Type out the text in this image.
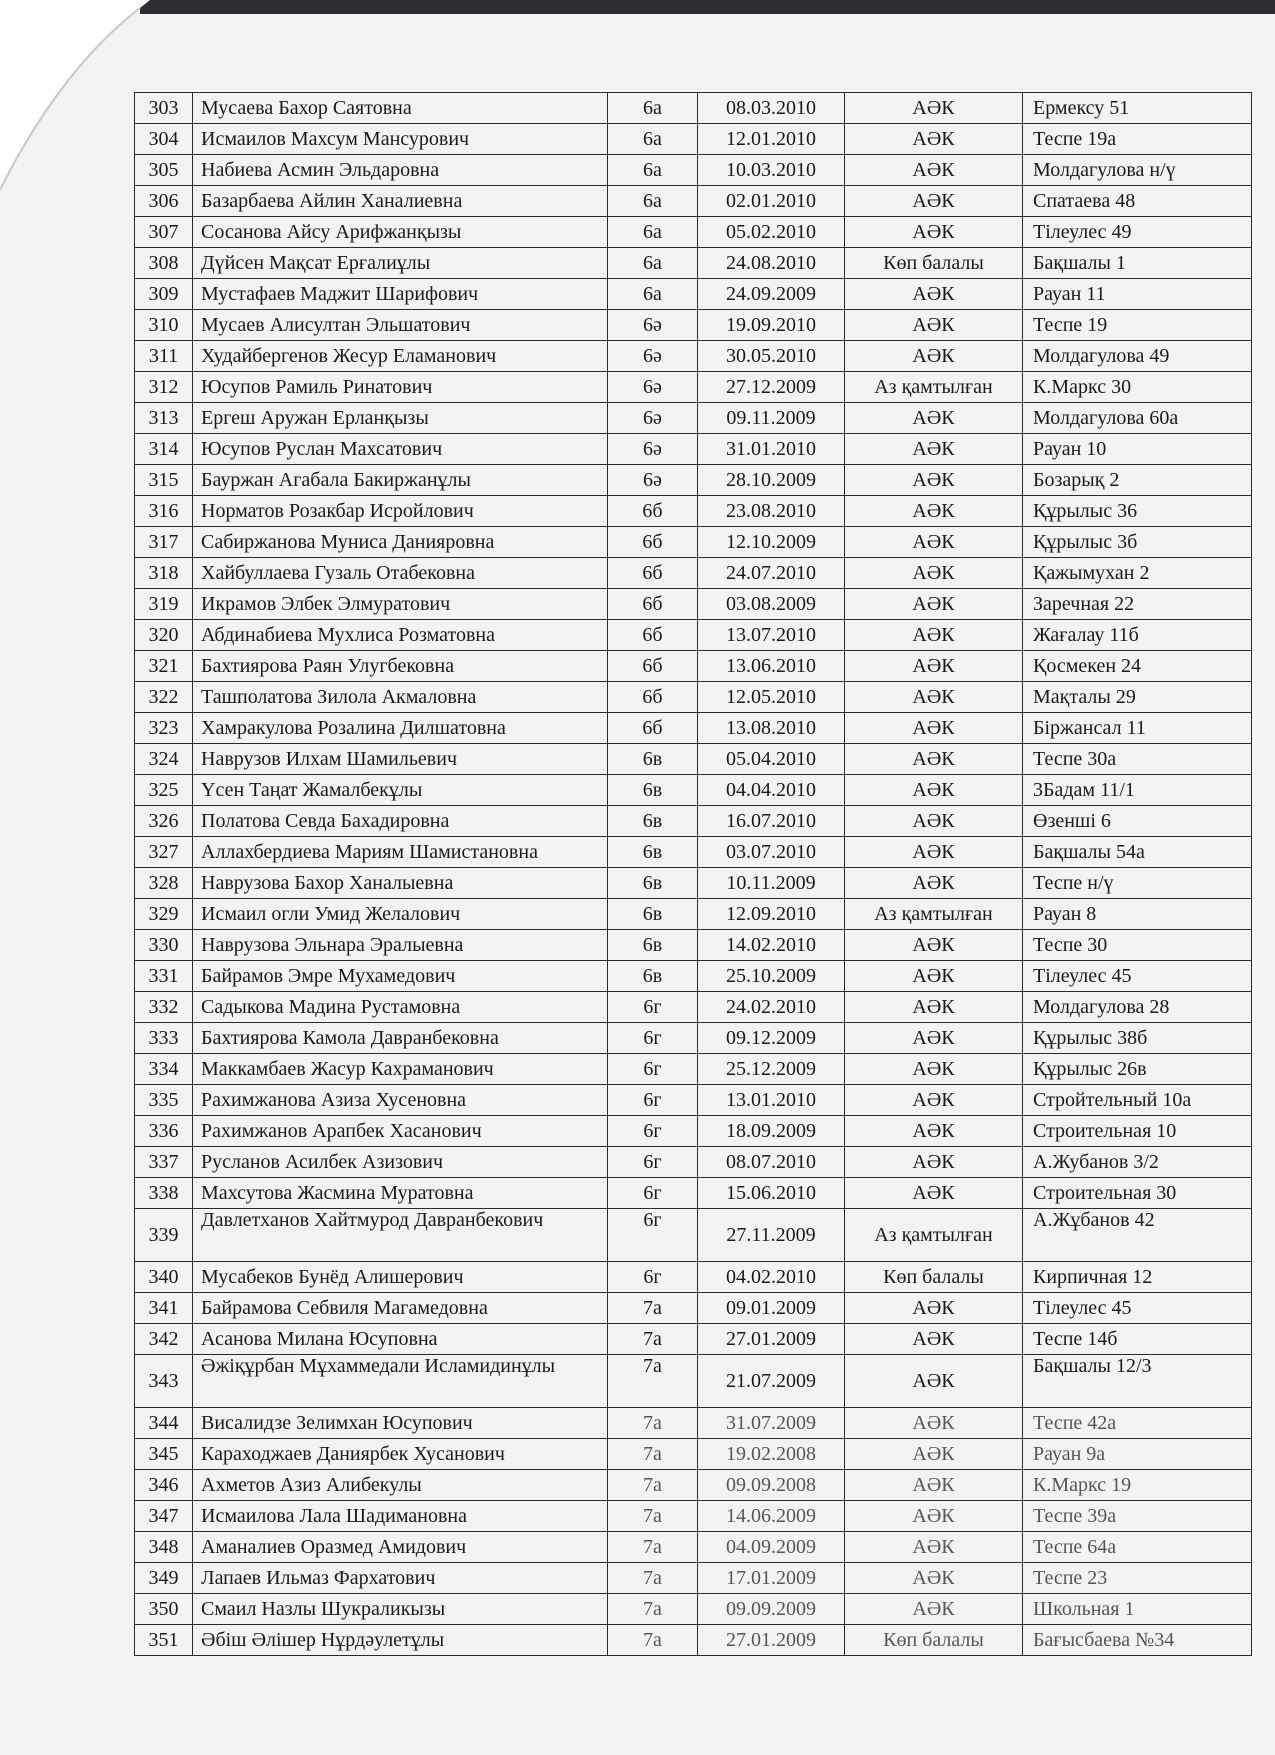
303	Мусаева Бахор Саятовна	6а	08.03.2010	АӘК	Ермексу 51
304	Исмаилов Махсум Мансурович	6а	12.01.2010	АӘК	Теспе 19а
305	Набиева Асмин Эльдаровна	6а	10.03.2010	АӘК	Молдагулова н/ү
306	Базарбаева Айлин Ханалиевна	6а	02.01.2010	АӘК	Спатаева 48
307	Сосанова Айсу Арифжанқызы	6а	05.02.2010	АӘК	Тілеулес 49
308	Дүйсен Мақсат Ерғалиұлы	6а	24.08.2010	Көп балалы	Бақшалы 1
309	Мустафаев Маджит Шарифович	6а	24.09.2009	АӘК	Рауан 11
310	Мусаев Алисултан Эльшатович	6ә	19.09.2010	АӘК	Теспе 19
311	Худайбергенов Жесур Еламанович	6ә	30.05.2010	АӘК	Молдагулова 49
312	Юсупов Рамиль Ринатович	6ә	27.12.2009	Аз қамтылған	К.Маркс 30
313	Ергеш Аружан Ерланқызы	6ә	09.11.2009	АӘК	Молдагулова 60а
314	Юсупов Руслан Махсатович	6ә	31.01.2010	АӘК	Рауан 10
315	Бауржан Агабала Бакиржанұлы	6ә	28.10.2009	АӘК	Бозарық 2
316	Норматов Розакбар Исройлович	6б	23.08.2010	АӘК	Құрылыс 36
317	Сабиржанова Муниса Данияровна	6б	12.10.2009	АӘК	Құрылыс 3б
318	Хайбуллаева Гузаль Отабековна	6б	24.07.2010	АӘК	Қажымухан 2
319	Икрамов Элбек Элмуратович	6б	03.08.2009	АӘК	Заречная 22
320	Абдинабиева Мухлиса Розматовна	6б	13.07.2010	АӘК	Жағалау 11б
321	Бахтиярова Раян Улугбековна	6б	13.06.2010	АӘК	Қосмекен 24
322	Ташполатова Зилола Акмаловна	6б	12.05.2010	АӘК	Мақталы 29
323	Хамракулова Розалина Дилшатовна	6б	13.08.2010	АӘК	Біржансал 11
324	Наврузов Илхам Шамильевич	6в	05.04.2010	АӘК	Теспе 30а
325	Үсен Таңат Жамалбекұлы	6в	04.04.2010	АӘК	3Бадам 11/1
326	Полатова Севда Бахадировна	6в	16.07.2010	АӘК	Өзеншi 6
327	Аллахбердиева Мариям Шамистановна	6в	03.07.2010	АӘК	Бақшалы 54а
328	Наврузова Бахор Ханалыевна	6в	10.11.2009	АӘК	Теспе н/ү
329	Исмаил огли Умид Желалович	6в	12.09.2010	Аз қамтылған	Рауан 8
330	Наврузова Эльнара Эралыевна	6в	14.02.2010	АӘК	Теспе 30
331	Байрамов Эмре Мухамедович	6в	25.10.2009	АӘК	Тілеулес 45
332	Садыкова Мадина Рустамовна	6г	24.02.2010	АӘК	Молдагулова 28
333	Бахтиярова Камола Давранбековна	6г	09.12.2009	АӘК	Құрылыс 38б
334	Маккамбаев Жасур Кахраманович	6г	25.12.2009	АӘК	Құрылыс 26в
335	Рахимжанова Азиза Хусеновна	6г	13.01.2010	АӘК	Стройтельный 10а
336	Рахимжанов Арапбек Хасанович	6г	18.09.2009	АӘК	Строительная 10
337	Русланов Асилбек Азизович	6г	08.07.2010	АӘК	А.Жубанов 3/2
338	Махсутова Жасмина Муратовна	6г	15.06.2010	АӘК	Строительная 30
339	Давлетханов Хайтмурод Давранбекович	6г	27.11.2009	Аз қамтылған	А.Жұбанов 42
340	Мусабеков Бунёд Алишерович	6г	04.02.2010	Көп балалы	Кирпичная 12
341	Байрамова Себвиля Магамедовна	7а	09.01.2009	АӘК	Тілеулес 45
342	Асанова Милана Юсуповна	7а	27.01.2009	АӘК	Теспе 14б
343	Әжіқұрбан Мұхаммедали Исламидинұлы	7а	21.07.2009	АӘК	Бақшалы 12/3
344	Висалидзе Зелимхан Юсупович	7а	31.07.2009	АӘК	Теспе 42а
345	Караходжаев Даниярбек Хусанович	7а	19.02.2008	АӘК	Рауан 9а
346	Ахметов Азиз Алибекулы	7а	09.09.2008	АӘК	К.Маркс 19
347	Исмаилова Лала Шадимановна	7а	14.06.2009	АӘК	Теспе 39а
348	Аманалиев Оразмед Амидович	7а	04.09.2009	АӘК	Теспе 64а
349	Лапаев Ильмаз Фархатович	7а	17.01.2009	АӘК	Теспе 23
350	Смаил Назлы Шукраликызы	7а	09.09.2009	АӘК	Школьная 1
351	Әбіш Әлішер Нұрдәулетұлы	7а	27.01.2009	Көп балалы	Бағысбаева №34
